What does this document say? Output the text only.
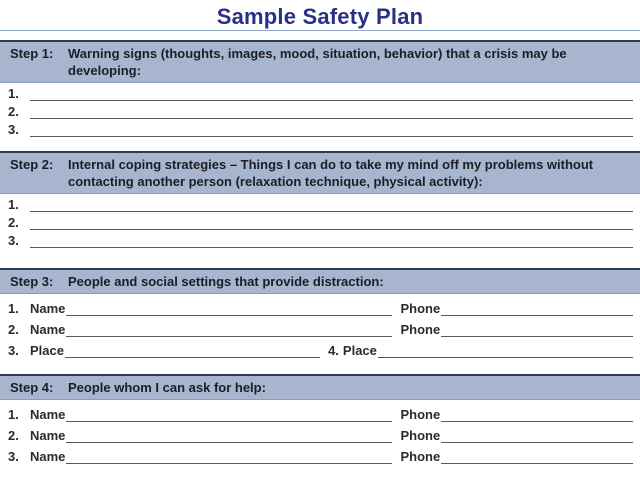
Sample Safety Plan
Step 1:	Warning signs (thoughts, images, mood, situation, behavior) that a crisis may be developing:
1.
2.
3.
Step 2:	Internal coping strategies – Things I can do to take my mind off my problems without contacting another person (relaxation technique, physical activity):
1.
2.
3.
Step 3:	People and social settings that provide distraction:
1. Name	Phone
2. Name	Phone
3. Place	4. Place
Step 4:	People whom I can ask for help:
1. Name	Phone
2. Name	Phone
3. Name	Phone
